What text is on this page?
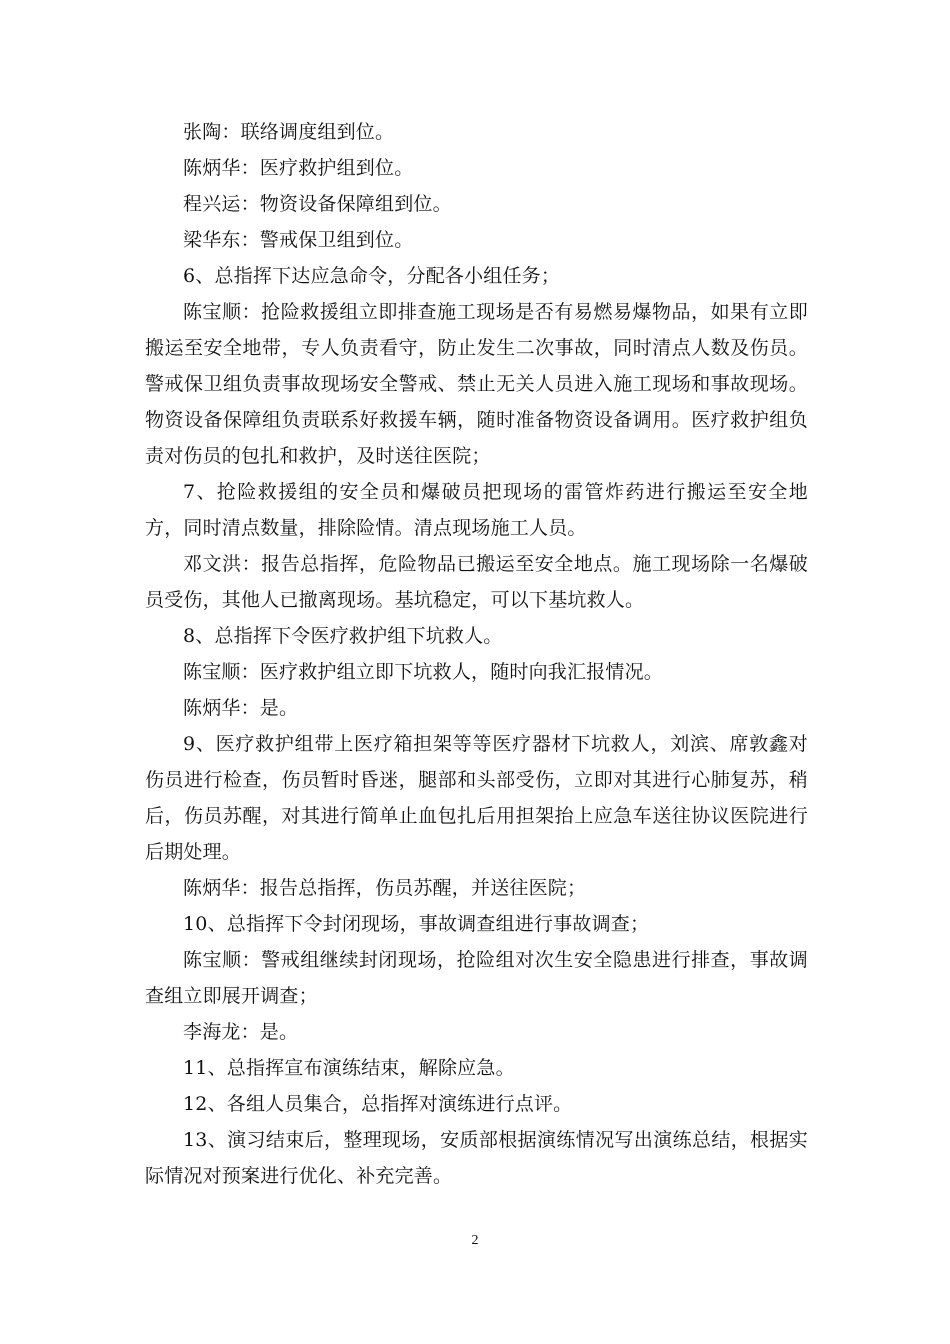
张陶：联络调度组到位。

陈炳华：医疗救护组到位。

程兴运：物资设备保障组到位。

梁华东：警戒保卫组到位。

6、总指挥下达应急命令，分配各小组任务；

陈宝顺：抢险救援组立即排查施工现场是否有易燃易爆物品，如果有立即搬运至安全地带，专人负责看守，防止发生二次事故，同时清点人数及伤员。警戒保卫组负责事故现场安全警戒、禁止无关人员进入施工现场和事故现场。物资设备保障组负责联系好救援车辆，随时准备物资设备调用。医疗救护组负责对伤员的包扎和救护，及时送往医院；

7、抢险救援组的安全员和爆破员把现场的雷管炸药进行搬运至安全地方，同时清点数量，排除险情。清点现场施工人员。

邓文洪：报告总指挥，危险物品已搬运至安全地点。施工现场除一名爆破员受伤，其他人已撤离现场。基坑稳定，可以下基坑救人。

8、总指挥下令医疗救护组下坑救人。

陈宝顺：医疗救护组立即下坑救人，随时向我汇报情况。

陈炳华：是。

9、医疗救护组带上医疗箱担架等等医疗器材下坑救人，刘滨、席敦鑫对伤员进行检查，伤员暂时昏迷，腿部和头部受伤，立即对其进行心肺复苏，稍后，伤员苏醒，对其进行简单止血包扎后用担架抬上应急车送往协议医院进行后期处理。

陈炳华：报告总指挥，伤员苏醒，并送往医院；

10、总指挥下令封闭现场，事故调查组进行事故调查；

陈宝顺：警戒组继续封闭现场，抢险组对次生安全隐患进行排查，事故调查组立即展开调查；

李海龙：是。

11、总指挥宣布演练结束，解除应急。

12、各组人员集合，总指挥对演练进行点评。

13、演习结束后，整理现场，安质部根据演练情况写出演练总结，根据实际情况对预案进行优化、补充完善。

2
